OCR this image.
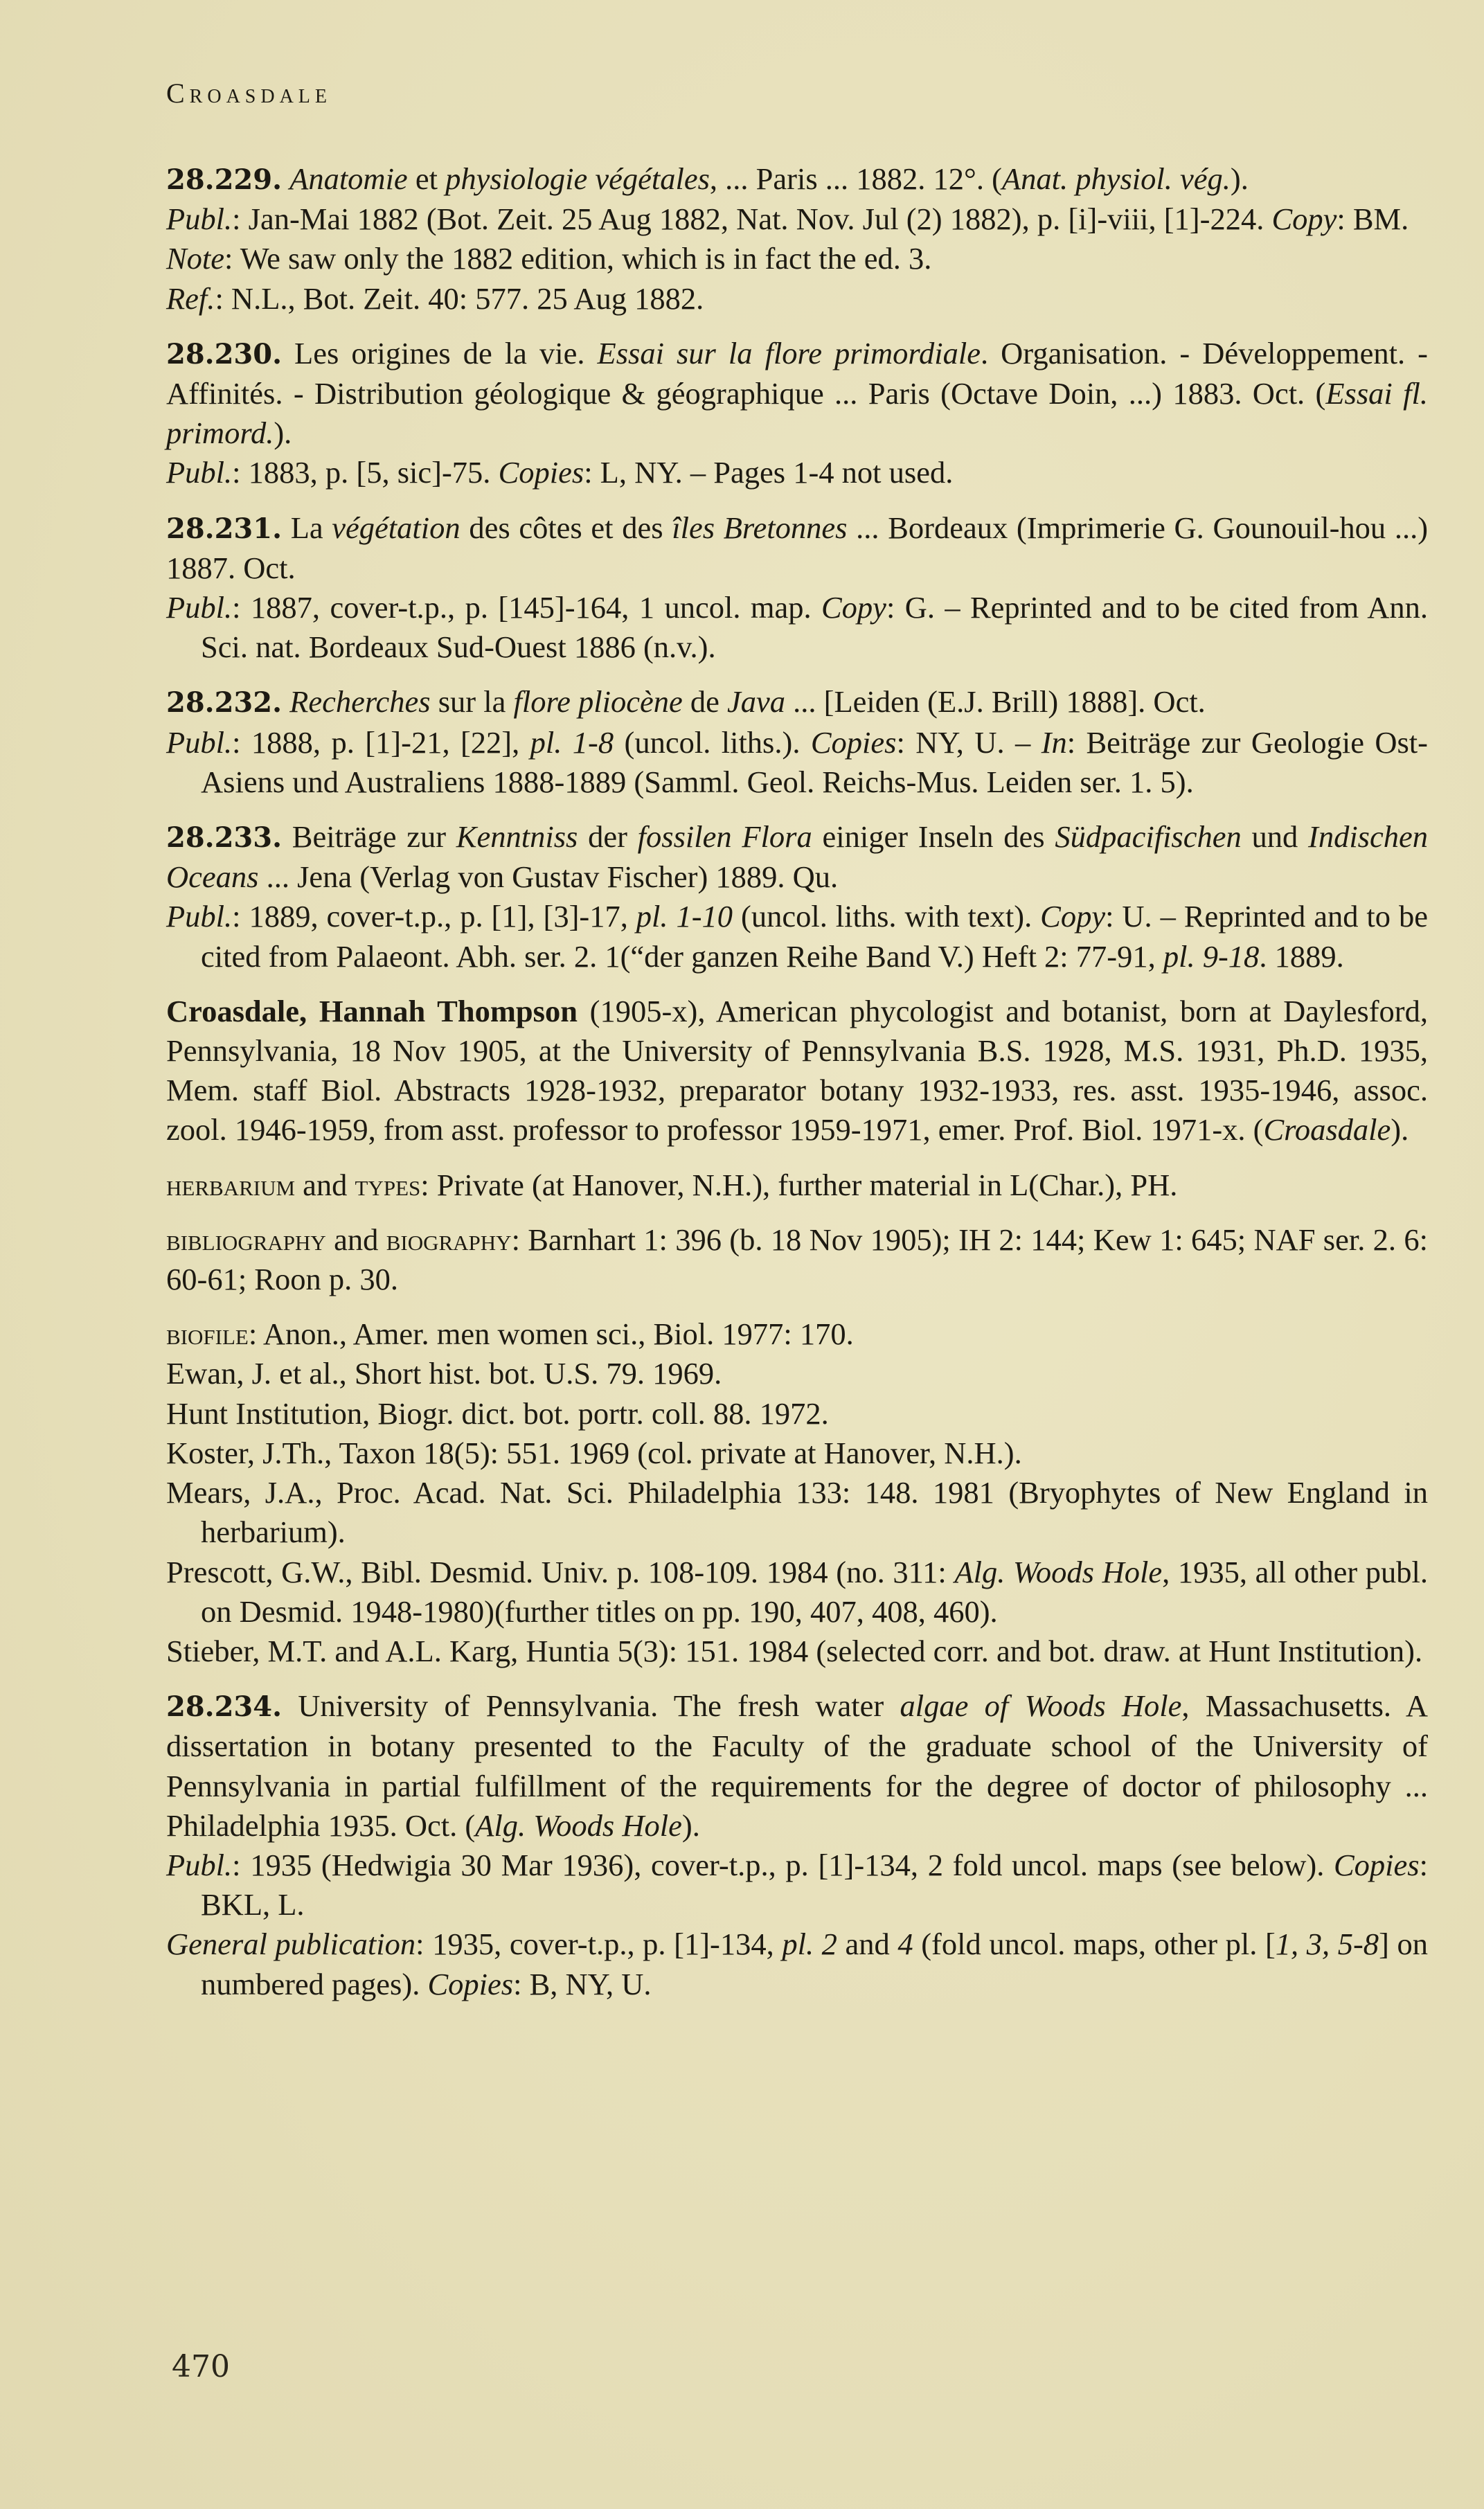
Croasdale
28.229. Anatomie et physiologie végétales, ... Paris ... 1882. 12°. (Anat. physiol. vég.).
Publ.: Jan-Mai 1882 (Bot. Zeit. 25 Aug 1882, Nat. Nov. Jul (2) 1882), p. [i]-viii, [1]-224. Copy: BM.
Note: We saw only the 1882 edition, which is in fact the ed. 3.
Ref.: N.L., Bot. Zeit. 40: 577. 25 Aug 1882.
28.230. Les origines de la vie. Essai sur la flore primordiale. Organisation. - Développement. - Affinités. - Distribution géologique & géographique ... Paris (Octave Doin, ...) 1883. Oct. (Essai fl. primord.).
Publ.: 1883, p. [5, sic]-75. Copies: L, NY. – Pages 1-4 not used.
28.231. La végétation des côtes et des îles Bretonnes ... Bordeaux (Imprimerie G. Gounouil-hou ...) 1887. Oct.
Publ.: 1887, cover-t.p., p. [145]-164, 1 uncol. map. Copy: G. – Reprinted and to be cited from Ann. Sci. nat. Bordeaux Sud-Ouest 1886 (n.v.).
28.232. Recherches sur la flore pliocène de Java ... [Leiden (E.J. Brill) 1888]. Oct.
Publ.: 1888, p. [1]-21, [22], pl. 1-8 (uncol. liths.). Copies: NY, U. – In: Beiträge zur Geologie Ost-Asiens und Australiens 1888-1889 (Samml. Geol. Reichs-Mus. Leiden ser. 1. 5).
28.233. Beiträge zur Kenntniss der fossilen Flora einiger Inseln des Südpacifischen und Indischen Oceans ... Jena (Verlag von Gustav Fischer) 1889. Qu.
Publ.: 1889, cover-t.p., p. [1], [3]-17, pl. 1-10 (uncol. liths. with text). Copy: U. – Reprinted and to be cited from Palaeont. Abh. ser. 2. 1(“der ganzen Reihe Band V.) Heft 2: 77-91, pl. 9-18. 1889.
Croasdale, Hannah Thompson (1905-x), American phycologist and botanist, born at Daylesford, Pennsylvania, 18 Nov 1905, at the University of Pennsylvania B.S. 1928, M.S. 1931, Ph.D. 1935, Mem. staff Biol. Abstracts 1928-1932, preparator botany 1932-1933, res. asst. 1935-1946, assoc. zool. 1946-1959, from asst. professor to professor 1959-1971, emer. Prof. Biol. 1971-x. (Croasdale).
herbarium and types: Private (at Hanover, N.H.), further material in L(Char.), PH.
bibliography and biography: Barnhart 1: 396 (b. 18 Nov 1905); IH 2: 144; Kew 1: 645; NAF ser. 2. 6: 60-61; Roon p. 30.
biofile: Anon., Amer. men women sci., Biol. 1977: 170.
Ewan, J. et al., Short hist. bot. U.S. 79. 1969.
Hunt Institution, Biogr. dict. bot. portr. coll. 88. 1972.
Koster, J.Th., Taxon 18(5): 551. 1969 (col. private at Hanover, N.H.).
Mears, J.A., Proc. Acad. Nat. Sci. Philadelphia 133: 148. 1981 (Bryophytes of New England in herbarium).
Prescott, G.W., Bibl. Desmid. Univ. p. 108-109. 1984 (no. 311: Alg. Woods Hole, 1935, all other publ. on Desmid. 1948-1980)(further titles on pp. 190, 407, 408, 460).
Stieber, M.T. and A.L. Karg, Huntia 5(3): 151. 1984 (selected corr. and bot. draw. at Hunt Institution).
28.234. University of Pennsylvania. The fresh water algae of Woods Hole, Massachusetts. A dissertation in botany presented to the Faculty of the graduate school of the University of Pennsylvania in partial fulfillment of the requirements for the degree of doctor of philosophy ... Philadelphia 1935. Oct. (Alg. Woods Hole).
Publ.: 1935 (Hedwigia 30 Mar 1936), cover-t.p., p. [1]-134, 2 fold uncol. maps (see below). Copies: BKL, L.
General publication: 1935, cover-t.p., p. [1]-134, pl. 2 and 4 (fold uncol. maps, other pl. [1, 3, 5-8] on numbered pages). Copies: B, NY, U.
470
